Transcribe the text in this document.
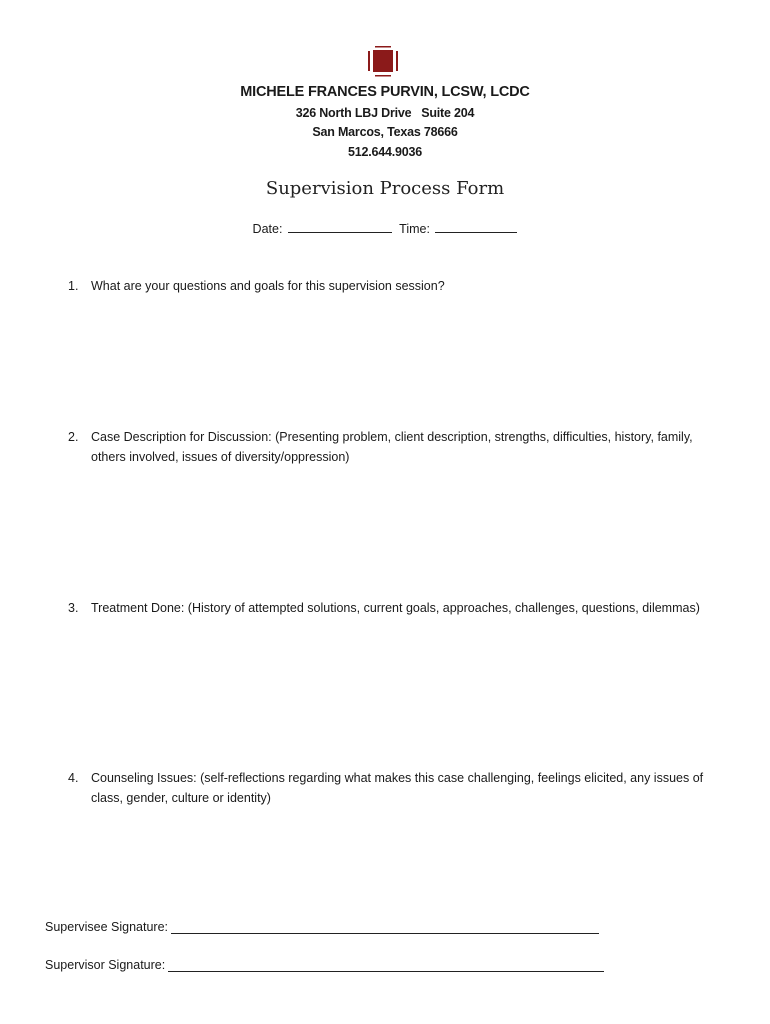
MICHELE FRANCES PURVIN, LCSW, LCDC
326 North LBJ Drive   Suite 204
San Marcos, Texas 78666
512.644.9036
Supervision Process Form
Date:	Time:
1.	What are your questions and goals for this supervision session?
2.	Case Description for Discussion: (Presenting problem, client description, strengths, difficulties, history, family, others involved, issues of diversity/oppression)
3.	Treatment Done: (History of attempted solutions, current goals, approaches, challenges, questions, dilemmas)
4.	Counseling Issues: (self-reflections regarding what makes this case challenging, feelings elicited, any issues of class, gender, culture or identity)
Supervisee Signature:
Supervisor Signature:
